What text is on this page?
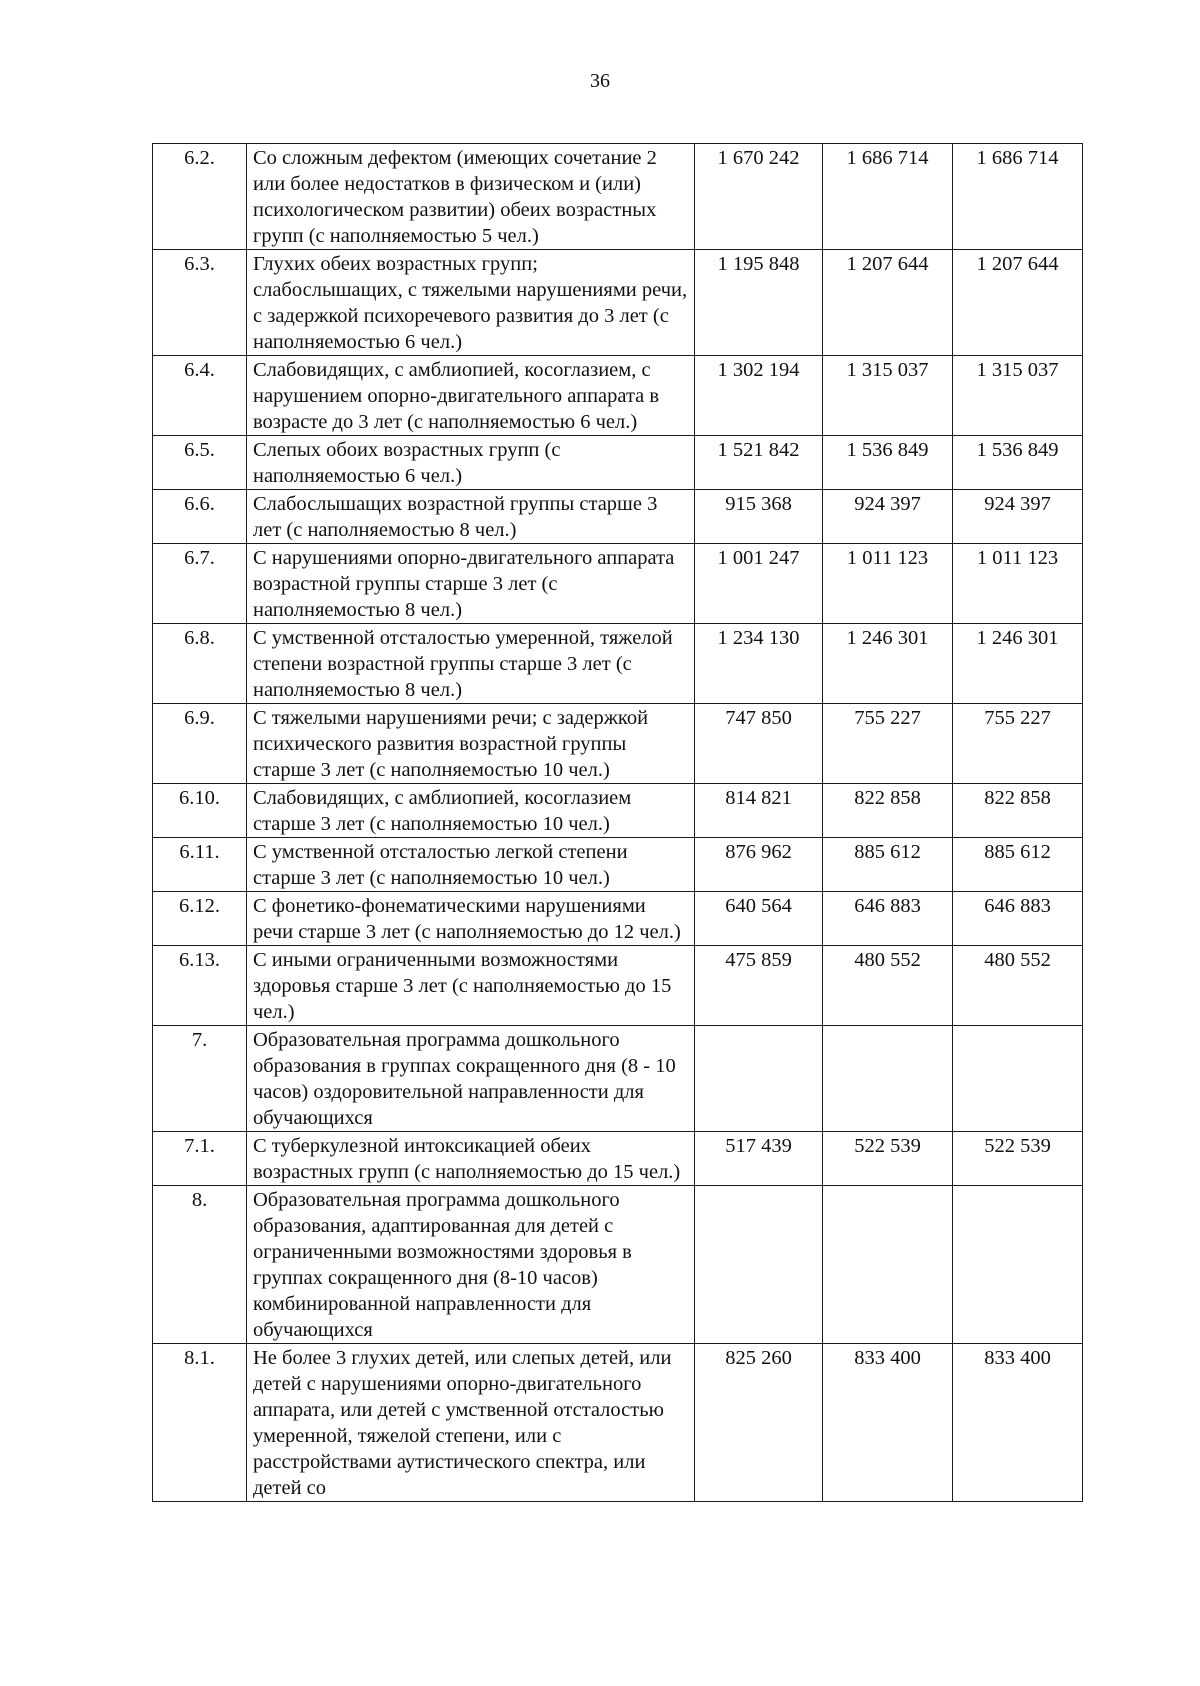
36
6.2.	Со сложным дефектом (имеющих сочетание 2 или более недостатков в физическом и (или) психологическом развитии) обеих возрастных групп (с наполняемостью 5 чел.)	1 670 242	1 686 714	1 686 714
6.3.	Глухих обеих возрастных групп; слабослышащих, с тяжелыми нарушениями речи, с задержкой психоречевого развития до 3 лет (с наполняемостью 6 чел.)	1 195 848	1 207 644	1 207 644
6.4.	Слабовидящих, с амблиопией, косоглазием, с нарушением опорно-двигательного аппарата в возрасте до 3 лет (с наполняемостью 6 чел.)	1 302 194	1 315 037	1 315 037
6.5.	Слепых обоих возрастных групп (с наполняемостью 6 чел.)	1 521 842	1 536 849	1 536 849
6.6.	Слабослышащих возрастной группы старше 3 лет (с наполняемостью 8 чел.)	915 368	924 397	924 397
6.7.	С нарушениями опорно-двигательного аппарата возрастной группы старше 3 лет (с наполняемостью 8 чел.)	1 001 247	1 011 123	1 011 123
6.8.	С умственной отсталостью умеренной, тяжелой степени возрастной группы старше 3 лет (с наполняемостью 8 чел.)	1 234 130	1 246 301	1 246 301
6.9.	С тяжелыми нарушениями речи; с задержкой психического развития возрастной группы старше 3 лет (с наполняемостью 10 чел.)	747 850	755 227	755 227
6.10.	Слабовидящих, с амблиопией, косоглазием старше 3 лет (с наполняемостью 10 чел.)	814 821	822 858	822 858
6.11.	С умственной отсталостью легкой степени старше 3 лет (с наполняемостью 10 чел.)	876 962	885 612	885 612
6.12.	С фонетико-фонематическими нарушениями речи старше 3 лет (с наполняемостью до 12 чел.)	640 564	646 883	646 883
6.13.	С иными ограниченными возможностями здоровья старше 3 лет (с наполняемостью до 15 чел.)	475 859	480 552	480 552
7.	Образовательная программа дошкольного образования в группах сокращенного дня (8 - 10 часов) оздоровительной направленности для обучающихся			
7.1.	С туберкулезной интоксикацией обеих возрастных групп (с наполняемостью до 15 чел.)	517 439	522 539	522 539
8.	Образовательная программа дошкольного образования, адаптированная для детей с ограниченными возможностями здоровья в группах сокращенного дня (8-10 часов) комбинированной направленности для обучающихся			
8.1.	Не более 3 глухих детей, или слепых детей, или детей с нарушениями опорно-двигательного аппарата, или детей с умственной отсталостью умеренной, тяжелой степени, или с расстройствами аутистического спектра, или детей со	825 260	833 400	833 400
